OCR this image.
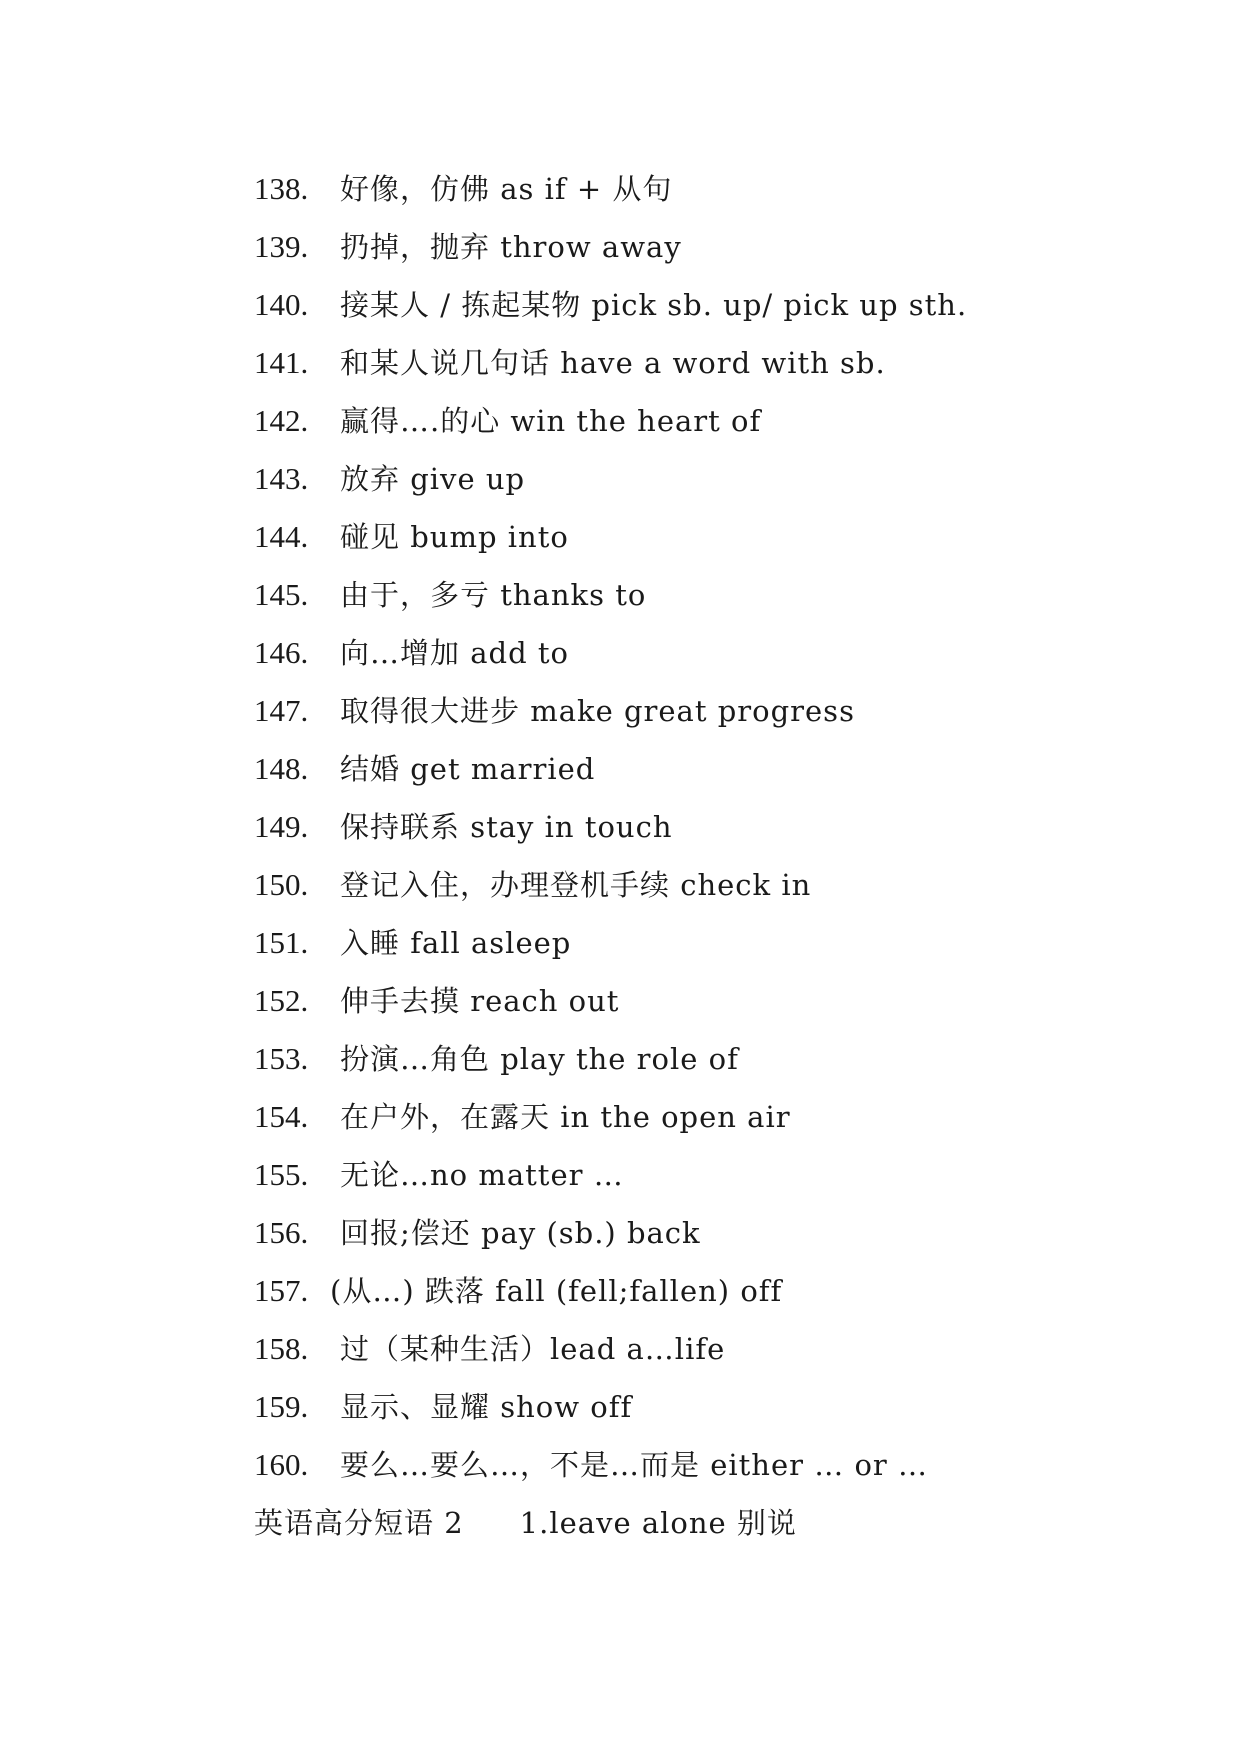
138.	好像，仿佛 as if + 从句
139.	扔掉，抛弃 throw away
140.	接某人 / 拣起某物 pick sb. up/ pick up sth.
141.	和某人说几句话 have a word with sb.
142.	赢得….的心 win the heart of
143.	放弃 give up
144.	碰见 bump into
145.	由于，多亏 thanks to
146.	向…增加 add to
147.	取得很大进步 make great progress
148.	结婚 get married
149.	保持联系 stay in touch
150.	登记入住，办理登机手续 check in
151.	入睡 fall asleep
152.	伸手去摸 reach out
153.	扮演…角色 play the role of
154.	在户外，在露天 in the open air
155.	无论…no matter …
156.	回报;偿还 pay (sb.) back
157. (从…) 跌落 fall (fell;fallen) off
158.	过（某种生活）lead a…life
159.	显示、显耀 show off
160.	要么…要么…，不是…而是 either … or …
英语高分短语 2 1.leave alone 别说
